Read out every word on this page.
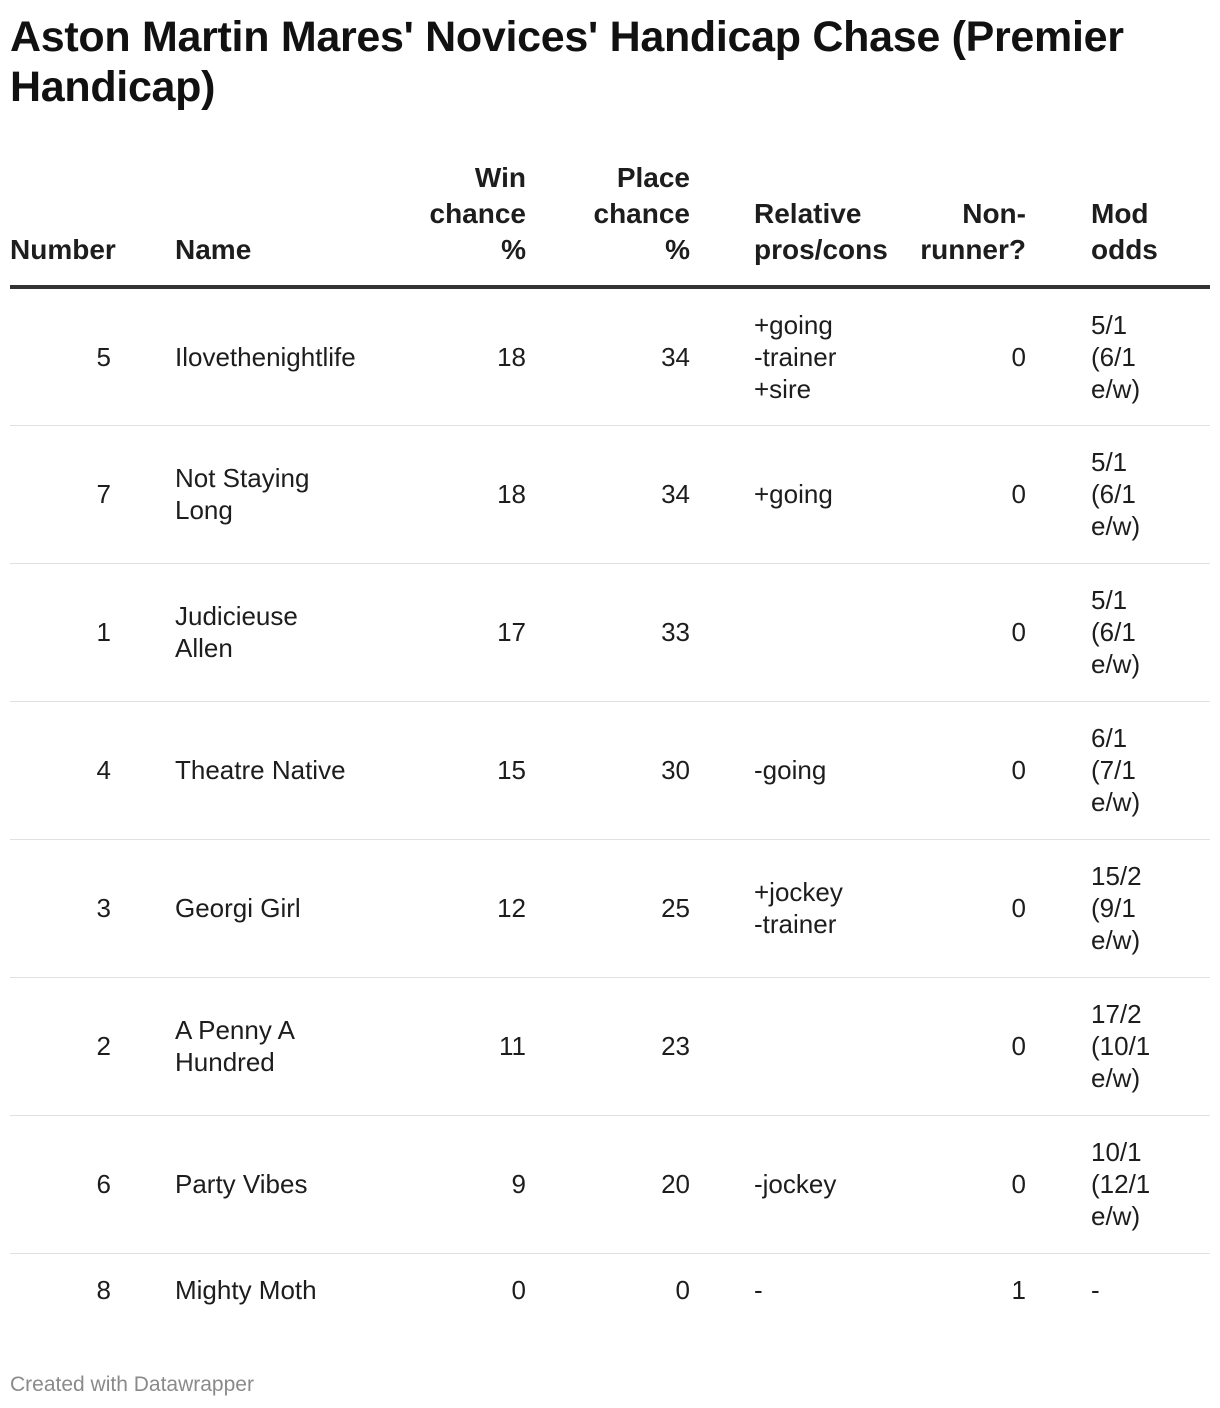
Aston Martin Mares' Novices' Handicap Chase (Premier Handicap)
Number	Name	Win
chance
%	Place
chance
%	Relative
pros/cons	Non-
runner?	Mod
odds

5	Ilovethenightlife	18	34	+going
-trainer
+sire	0	5/1
(6/1
e/w)

7	Not Staying
Long	18	34	+going	0	5/1
(6/1
e/w)

1	Judicieuse
Allen	17	33		0	5/1
(6/1
e/w)

4	Theatre Native	15	30	-going	0	6/1
(7/1
e/w)

3	Georgi Girl	12	25	+jockey
-trainer	0	15/2
(9/1
e/w)

2	A Penny A
Hundred	11	23		0	17/2
(10/1
e/w)

6	Party Vibes	9	20	-jockey	0	10/1
(12/1
e/w)

8	Mighty Moth	0	0	-	1	-
Created with Datawrapper
